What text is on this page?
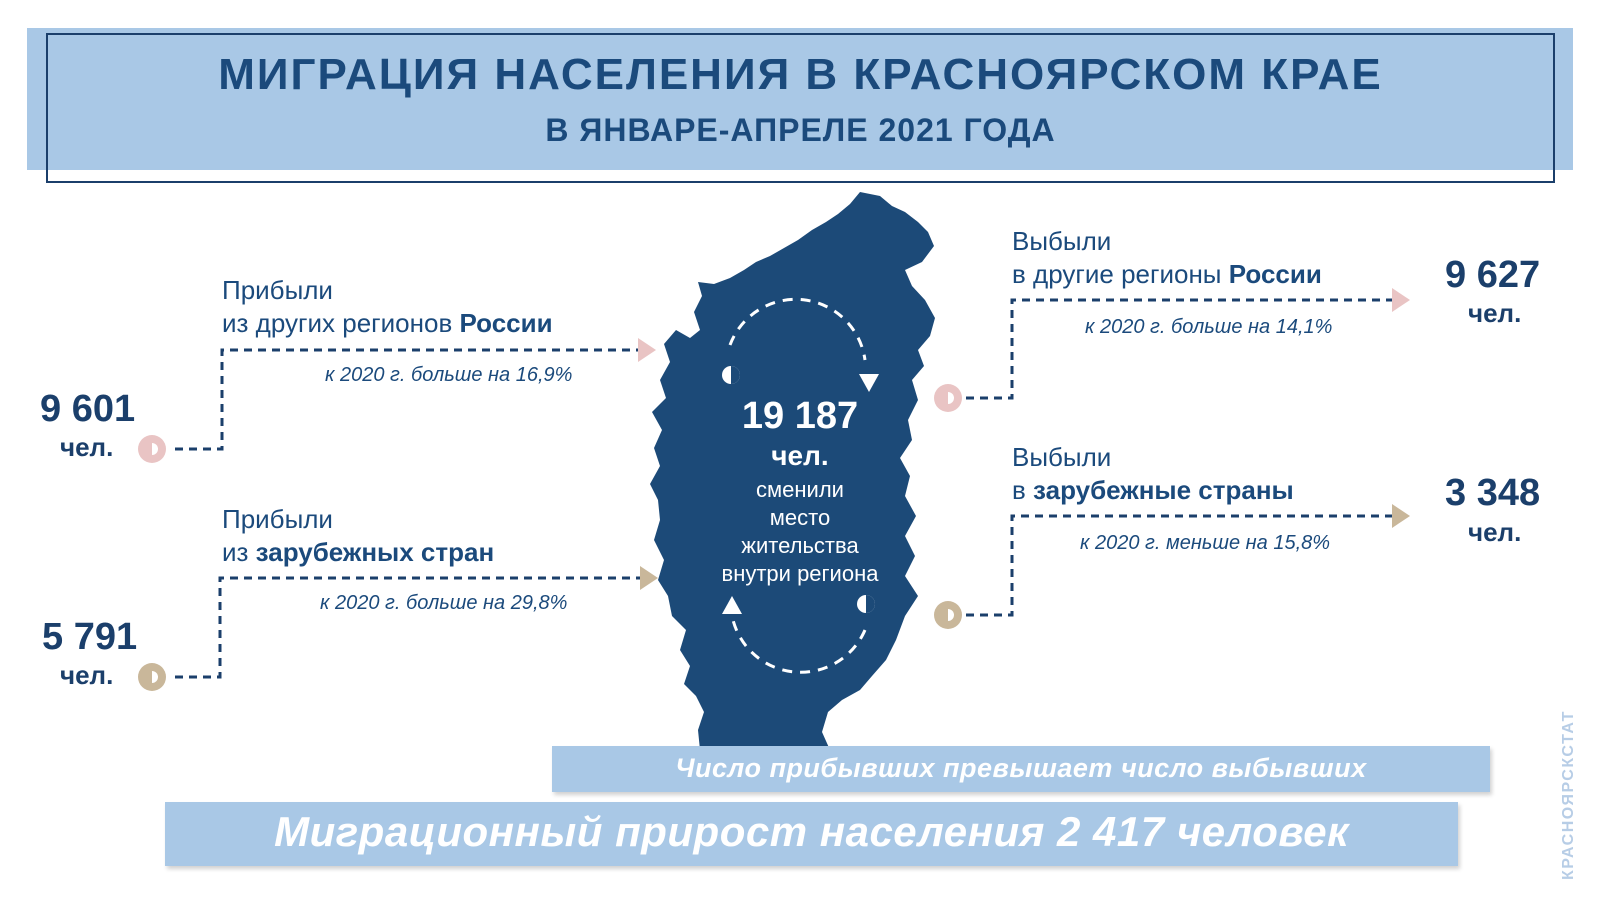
МИГРАЦИЯ НАСЕЛЕНИЯ В КРАСНОЯРСКОМ КРАЕ
В ЯНВАРЕ-АПРЕЛЕ 2021 ГОДА
19 187
чел.
сменили
место
жительства
внутри региона
Прибыли
из других регионов России
к 2020 г. больше на 16,9%
9 601
чел.
Прибыли
из зарубежных стран
к 2020 г. больше на 29,8%
5 791
чел.
Выбыли
в другие регионы России
к 2020 г. больше на 14,1%
9 627
чел.
Выбыли
в зарубежные страны
к 2020 г. меньше на 15,8%
3 348
чел.
Число прибывших превышает число выбывших
Миграционный прирост населения 2 417 человек	КРАСНОЯРСКСТАТ
